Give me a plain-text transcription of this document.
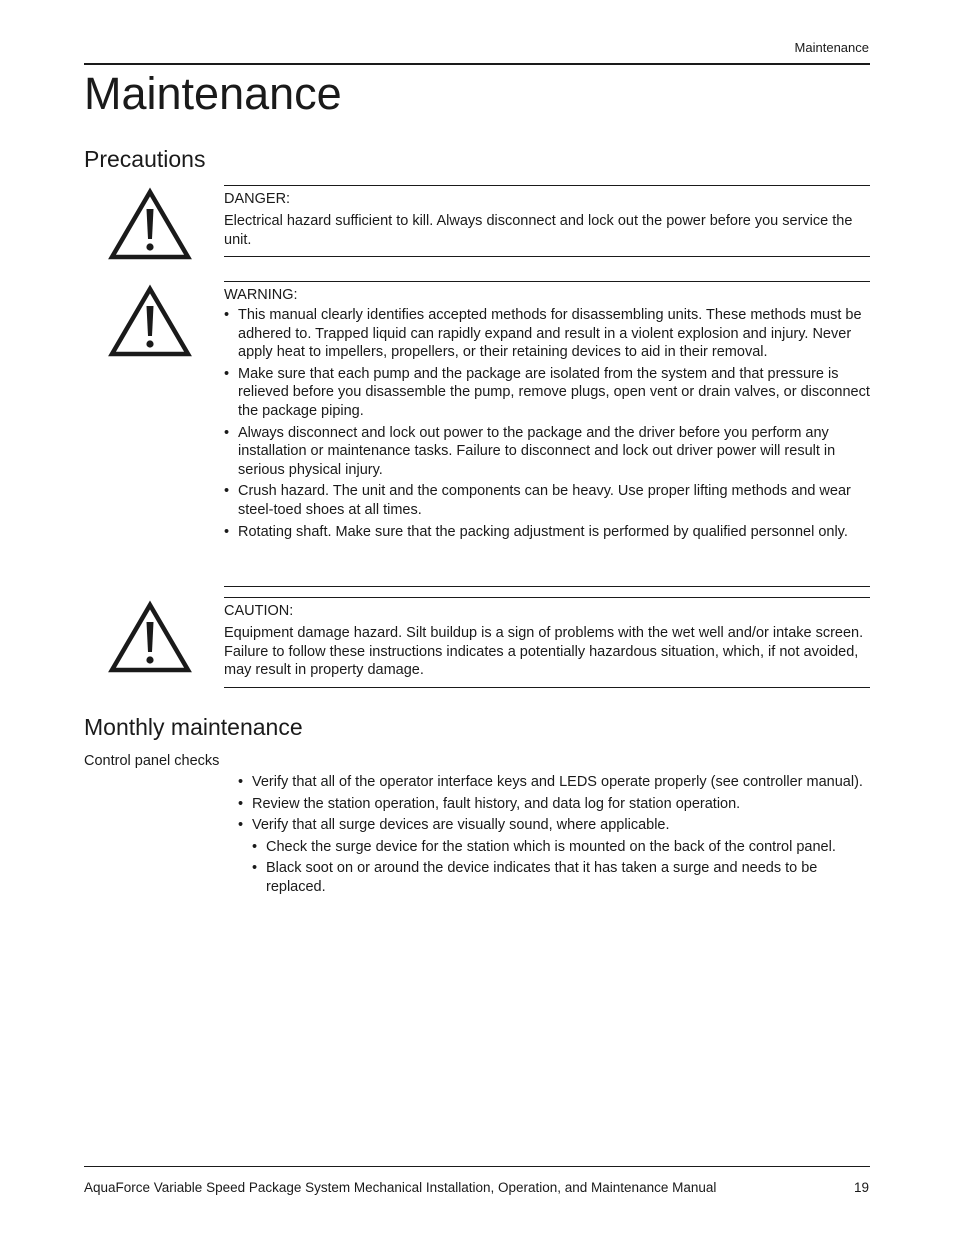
Maintenance
Maintenance
Precautions
DANGER:
Electrical hazard sufficient to kill. Always disconnect and lock out the power before you service the unit.
WARNING:
• This manual clearly identifies accepted methods for disassembling units. These methods must be adhered to. Trapped liquid can rapidly expand and result in a violent explosion and injury. Never apply heat to impellers, propellers, or their retaining devices to aid in their removal.
• Make sure that each pump and the package are isolated from the system and that pressure is relieved before you disassemble the pump, remove plugs, open vent or drain valves, or disconnect the package piping.
• Always disconnect and lock out power to the package and the driver before you perform any installation or maintenance tasks. Failure to disconnect and lock out driver power will result in serious physical injury.
• Crush hazard. The unit and the components can be heavy. Use proper lifting methods and wear steel-toed shoes at all times.
• Rotating shaft. Make sure that the packing adjustment is performed by qualified personnel only.
CAUTION:
Equipment damage hazard. Silt buildup is a sign of problems with the wet well and/or intake screen. Failure to follow these instructions indicates a potentially hazardous situation, which, if not avoided, may result in property damage.
Monthly maintenance
Control panel checks
• Verify that all of the operator interface keys and LEDS operate properly (see controller manual).
• Review the station operation, fault history, and data log for station operation.
• Verify that all surge devices are visually sound, where applicable.
• Check the surge device for the station which is mounted on the back of the control panel.
• Black soot on or around the device indicates that it has taken a surge and needs to be replaced.
AquaForce Variable Speed Package System Mechanical Installation, Operation, and Maintenance Manual	19
